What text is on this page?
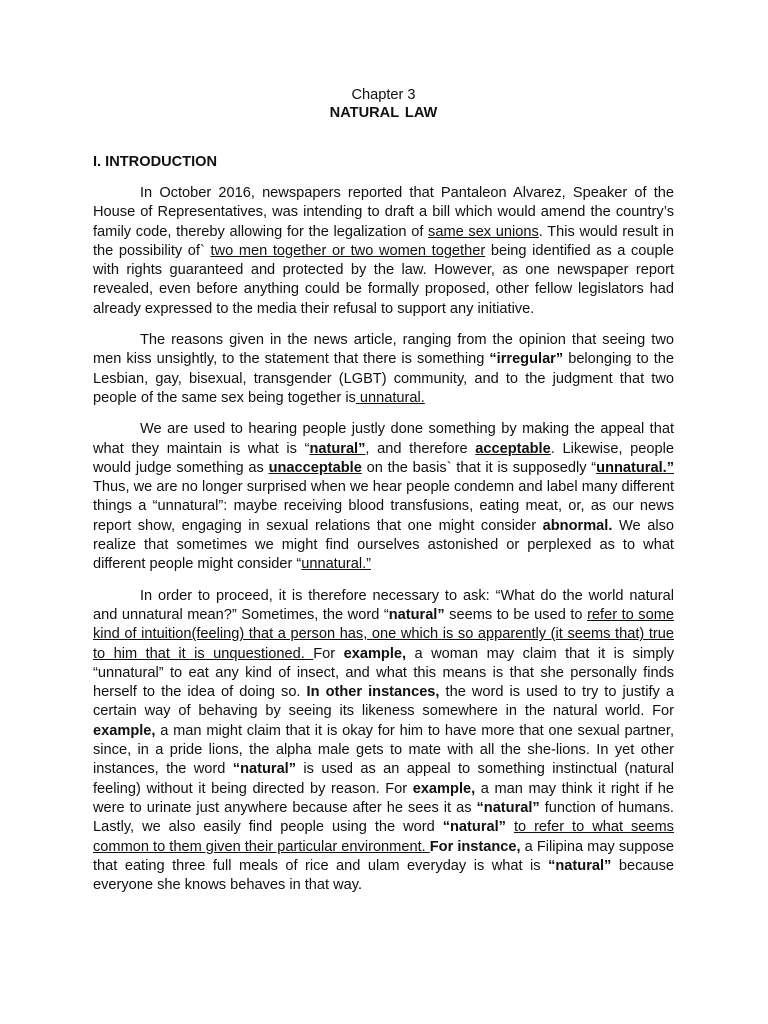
Chapter 3
NATURAL LAW
I. INTRODUCTION

In October 2016, newspapers reported that Pantaleon Alvarez, Speaker of the House of Representatives, was intending to draft a bill which would amend the country’s family code, thereby allowing for the legalization of same sex unions. This would result in the possibility of` two men together or two women together being identified as a couple with rights guaranteed and protected by the law. However, as one newspaper report revealed, even before anything could be formally proposed, other fellow legislators had already expressed to the media their refusal to support any initiative.

The reasons given in the news article, ranging from the opinion that seeing two men kiss unsightly, to the statement that there is something “irregular” belonging to the Lesbian, gay, bisexual, transgender (LGBT) community, and to the judgment that two people of the same sex being together is unnatural.

We are used to hearing people justly done something by making the appeal that what they maintain is what is “natural”, and therefore acceptable. Likewise, people would judge something as unacceptable on the basis` that it is supposedly “unnatural.” Thus, we are no longer surprised when we hear people condemn and label many different things a “unnatural”: maybe receiving blood transfusions, eating meat, or, as our news report show, engaging in sexual relations that one might consider abnormal. We also realize that sometimes we might find ourselves astonished or perplexed as to what different people might consider “unnatural.”

In order to proceed, it is therefore necessary to ask: “What do the world natural and unnatural mean?” Sometimes, the word “natural” seems to be used to refer to some kind of intuition(feeling) that a person has, one which is so apparently (it seems that) true to him that it is unquestioned. For example, a woman may claim that it is simply “unnatural” to eat any kind of insect, and what this means is that she personally finds herself to the idea of doing so. In other instances, the word is used to try to justify a certain way of behaving by seeing its likeness somewhere in the natural world. For example, a man might claim that it is okay for him to have more that one sexual partner, since, in a pride lions, the alpha male gets to mate with all the she-lions. In yet other instances, the word “natural” is used as an appeal to something instinctual (natural feeling) without it being directed by reason. For example, a man may think it right if he were to urinate just anywhere because after he sees it as “natural” function of humans. Lastly, we also easily find people using the word “natural” to refer to what seems common to them given their particular environment. For instance, a Filipina may suppose that eating three full meals of rice and ulam everyday is what is “natural” because everyone she knows behaves in that way.
